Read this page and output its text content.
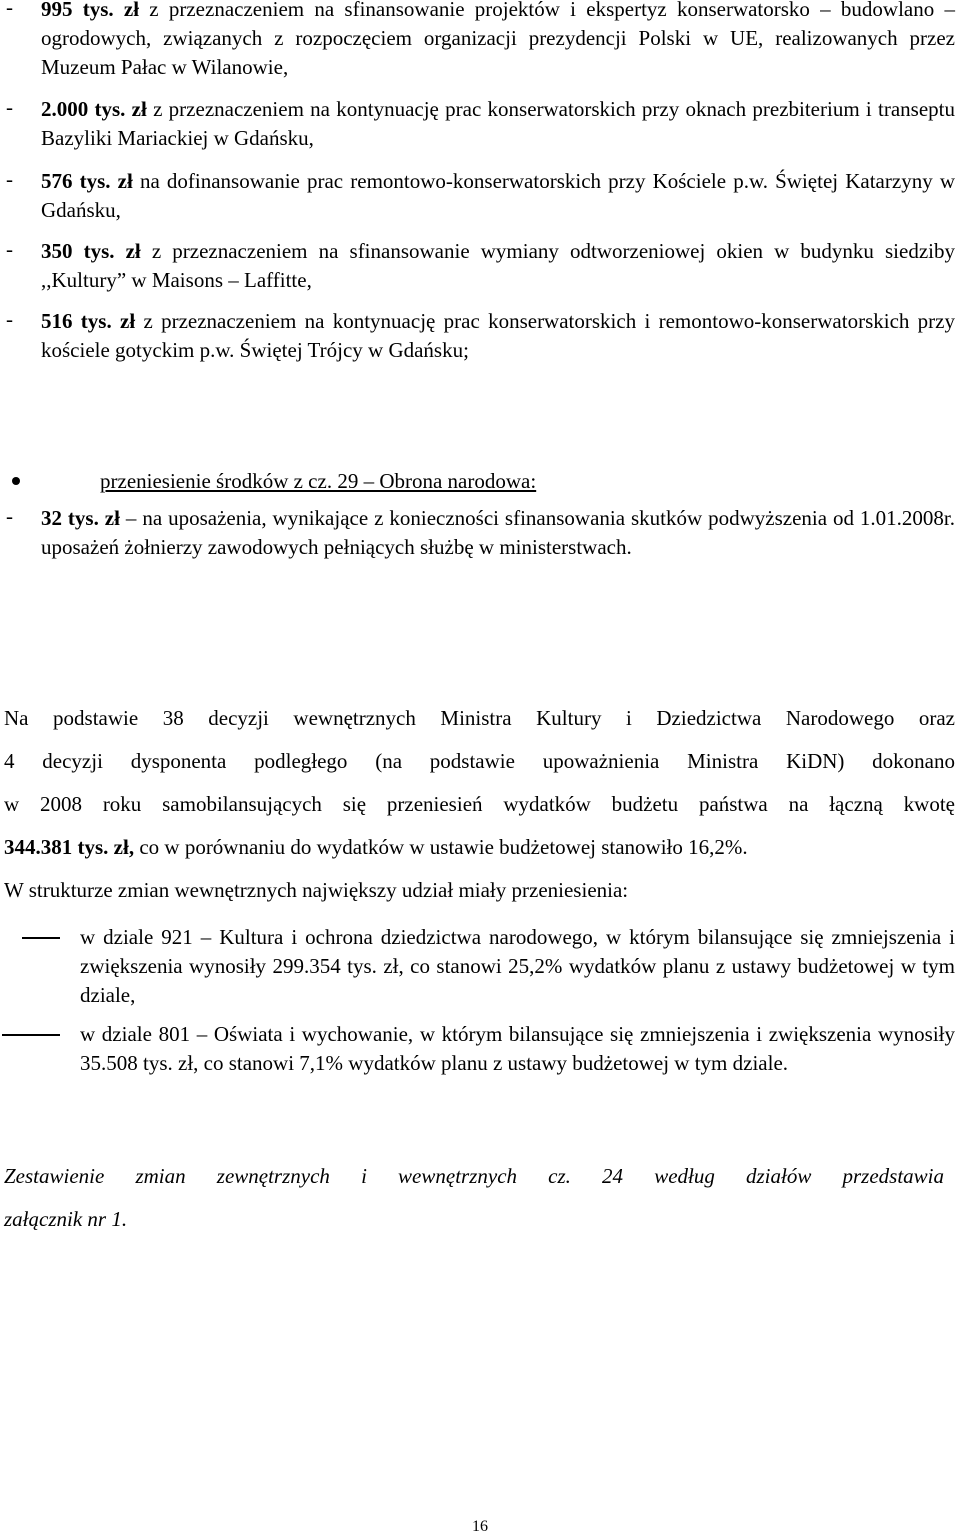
-	995 tys. zł z przeznaczeniem na sfinansowanie projektów i ekspertyz konserwatorsko – budowlano – ogrodowych, związanych z rozpoczęciem organizacji prezydencji Polski w UE, realizowanych przez Muzeum Pałac w Wilanowie,
-	2.000 tys. zł z przeznaczeniem na kontynuację prac konserwatorskich przy oknach prezbiterium i transeptu Bazyliki Mariackiej w Gdańsku,
-	576 tys. zł na dofinansowanie prac remontowo-konserwatorskich przy Kościele p.w. Świętej Katarzyny w Gdańsku,
-	350 tys. zł z przeznaczeniem na sfinansowanie wymiany odtworzeniowej okien w budynku siedziby ,,Kultury” w Maisons – Laffitte,
-	516 tys. zł z przeznaczeniem na kontynuację prac konserwatorskich i remontowo-konserwatorskich przy kościele gotyckim p.w. Świętej Trójcy w Gdańsku;
przeniesienie środków z cz. 29 – Obrona narodowa:
-	32 tys. zł – na uposażenia, wynikające z konieczności sfinansowania skutków podwyższenia od 1.01.2008r. uposażeń żołnierzy zawodowych pełniących służbę w ministerstwach.
Na podstawie 38 decyzji wewnętrznych Ministra Kultury i Dziedzictwa Narodowego oraz
4 decyzji dysponenta podległego (na podstawie upoważnienia Ministra KiDN) dokonano
w 2008 roku samobilansujących się przeniesień wydatków budżetu państwa na łączną kwotę
344.381 tys. zł, co w porównaniu do wydatków w ustawie budżetowej stanowiło 16,2%.
W strukturze zmian wewnętrznych największy udział miały przeniesienia:
w dziale 921 – Kultura i ochrona dziedzictwa narodowego, w którym bilansujące się zmniejszenia i zwiększenia wynosiły 299.354 tys. zł, co stanowi 25,2% wydatków planu z ustawy budżetowej w tym dziale,
w dziale 801 – Oświata i wychowanie, w którym bilansujące się zmniejszenia i zwiększenia wynosiły 35.508 tys. zł, co stanowi 7,1% wydatków planu z ustawy budżetowej w tym dziale.
Zestawienie zmian zewnętrznych i wewnętrznych cz. 24 według działów przedstawia
załącznik nr 1.
16
